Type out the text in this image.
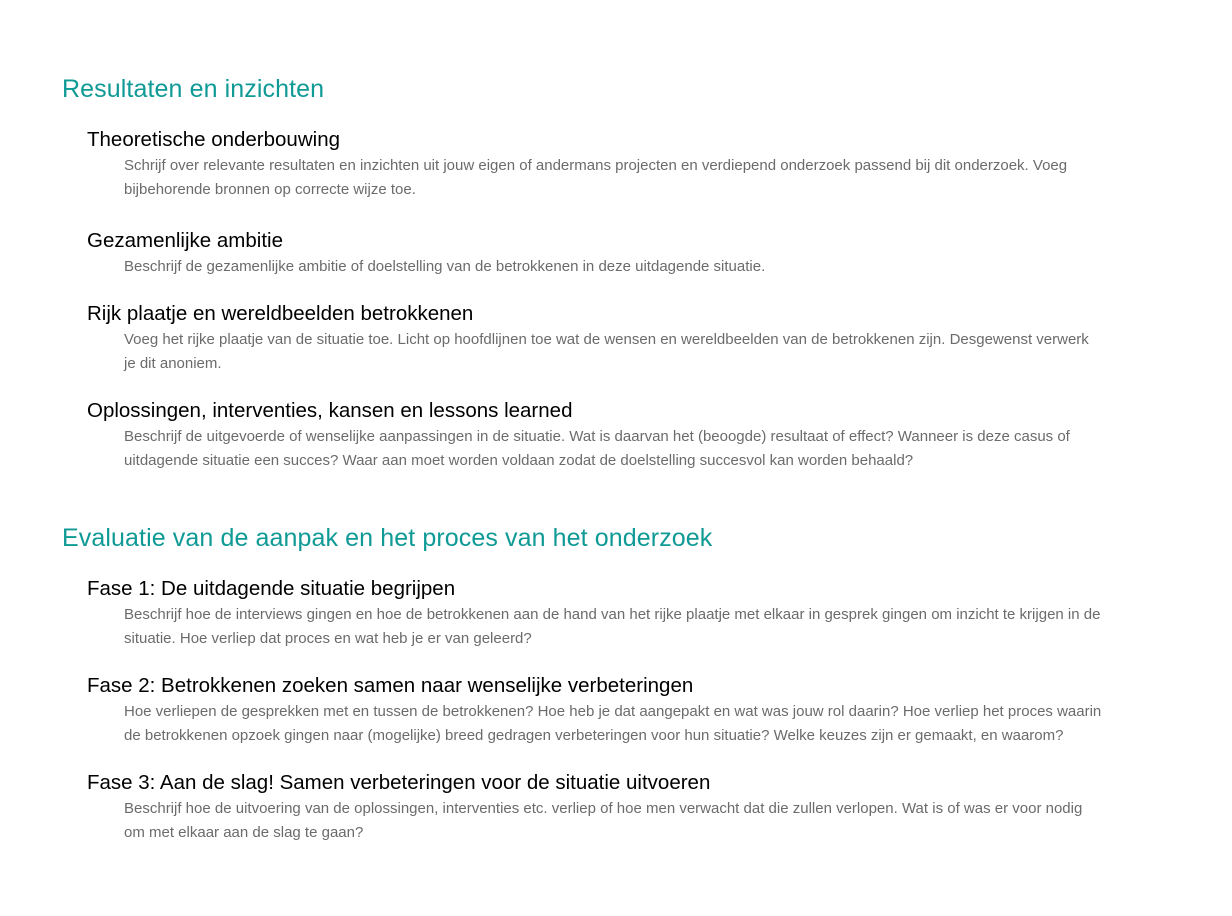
Resultaten en inzichten
Theoretische onderbouwing

Schrijf over relevante resultaten en inzichten uit jouw eigen of andermans projecten en verdiepend onderzoek passend bij dit onderzoek. Voeg
bijbehorende bronnen op correcte wijze toe.

Gezamenlijke ambitie

Beschrijf de gezamenlijke ambitie of doelstelling van de betrokkenen in deze uitdagende situatie.

Rijk plaatje en wereldbeelden betrokkenen

Voeg het rijke plaatje van de situatie toe. Licht op hoofdlijnen toe wat de wensen en wereldbeelden van de betrokkenen zijn. Desgewenst verwerk
je dit anoniem.

Oplossingen, interventies, kansen en lessons learned

Beschrijf de uitgevoerde of wenselijke aanpassingen in de situatie. Wat is daarvan het (beoogde) resultaat of effect? Wanneer is deze casus of
uitdagende situatie een succes? Waar aan moet worden voldaan zodat de doelstelling succesvol kan worden behaald?

Evaluatie van de aanpak en het proces van het onderzoek
Fase 1: De uitdagende situatie begrijpen

Beschrijf hoe de interviews gingen en hoe de betrokkenen aan de hand van het rijke plaatje met elkaar in gesprek gingen om inzicht te krijgen in de
situatie. Hoe verliep dat proces en wat heb je er van geleerd?

Fase 2: Betrokkenen zoeken samen naar wenselijke verbeteringen

Hoe verliepen de gesprekken met en tussen de betrokkenen? Hoe heb je dat aangepakt en wat was jouw rol daarin? Hoe verliep het proces waarin
de betrokkenen opzoek gingen naar (mogelijke) breed gedragen verbeteringen voor hun situatie? Welke keuzes zijn er gemaakt, en waarom?

Fase 3: Aan de slag! Samen verbeteringen voor de situatie uitvoeren

Beschrijf hoe de uitvoering van de oplossingen, interventies etc. verliep of hoe men verwacht dat die zullen verlopen. Wat is of was er voor nodig
om met elkaar aan de slag te gaan?
